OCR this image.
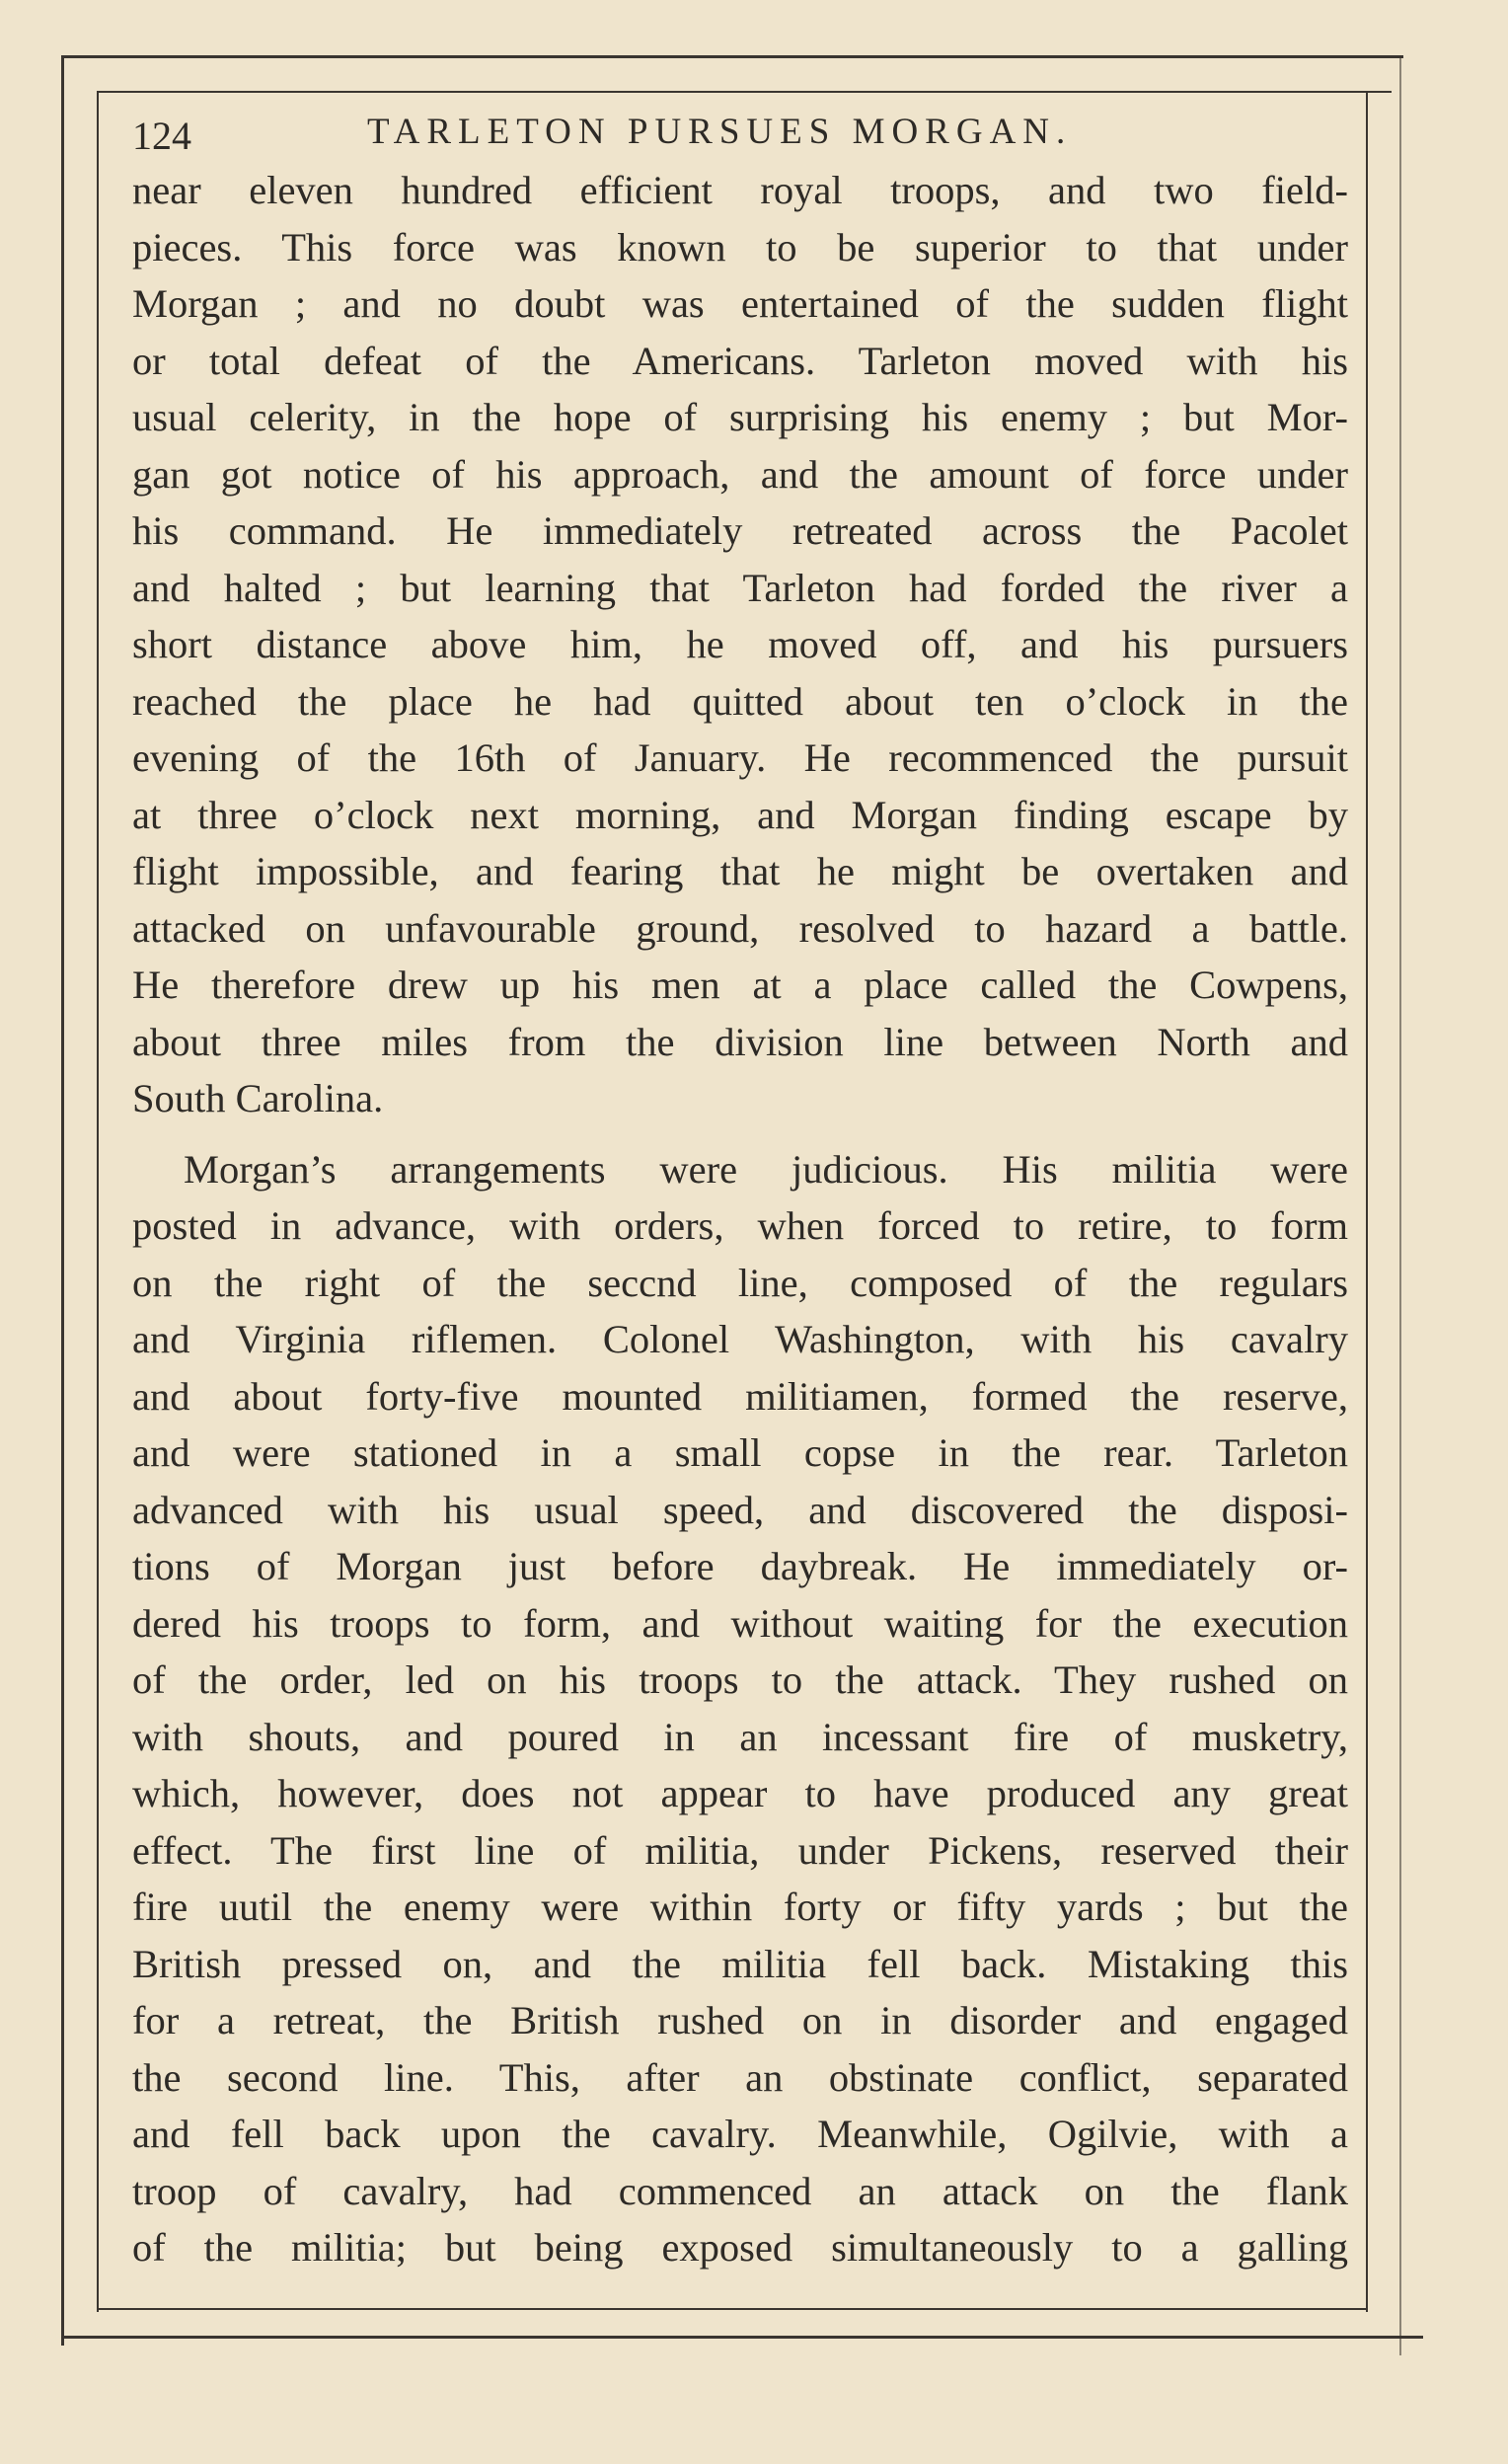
124	TARLETON PURSUES MORGAN.
near eleven hundred efficient royal troops, and two field-
pieces. This force was known to be superior to that under
Morgan ; and no doubt was entertained of the sudden flight
or total defeat of the Americans. Tarleton moved with his
usual celerity, in the hope of surprising his enemy ; but Mor-
gan got notice of his approach, and the amount of force under
his command. He immediately retreated across the Pacolet
and halted ; but learning that Tarleton had forded the river a
short distance above him, he moved off, and his pursuers
reached the place he had quitted about ten o’clock in the
evening of the 16th of January. He recommenced the pursuit
at three o’clock next morning, and Morgan finding escape by
flight impossible, and fearing that he might be overtaken and
attacked on unfavourable ground, resolved to hazard a battle.
He therefore drew up his men at a place called the Cowpens,
about three miles from the division line between North and
South Carolina.
Morgan’s arrangements were judicious. His militia were
posted in advance, with orders, when forced to retire, to form
on the right of the seccnd line, composed of the regulars
and Virginia riflemen. Colonel Washington, with his cavalry
and about forty-five mounted militiamen, formed the reserve,
and were stationed in a small copse in the rear. Tarleton
advanced with his usual speed, and discovered the disposi-
tions of Morgan just before daybreak. He immediately or-
dered his troops to form, and without waiting for the execution
of the order, led on his troops to the attack. They rushed on
with shouts, and poured in an incessant fire of musketry,
which, however, does not appear to have produced any great
effect. The first line of militia, under Pickens, reserved their
fire uutil the enemy were within forty or fifty yards ; but the
British pressed on, and the militia fell back. Mistaking this
for a retreat, the British rushed on in disorder and engaged
the second line. This, after an obstinate conflict, separated
and fell back upon the cavalry. Meanwhile, Ogilvie, with a
troop of cavalry, had commenced an attack on the flank
of the militia; but being exposed simultaneously to a galling
